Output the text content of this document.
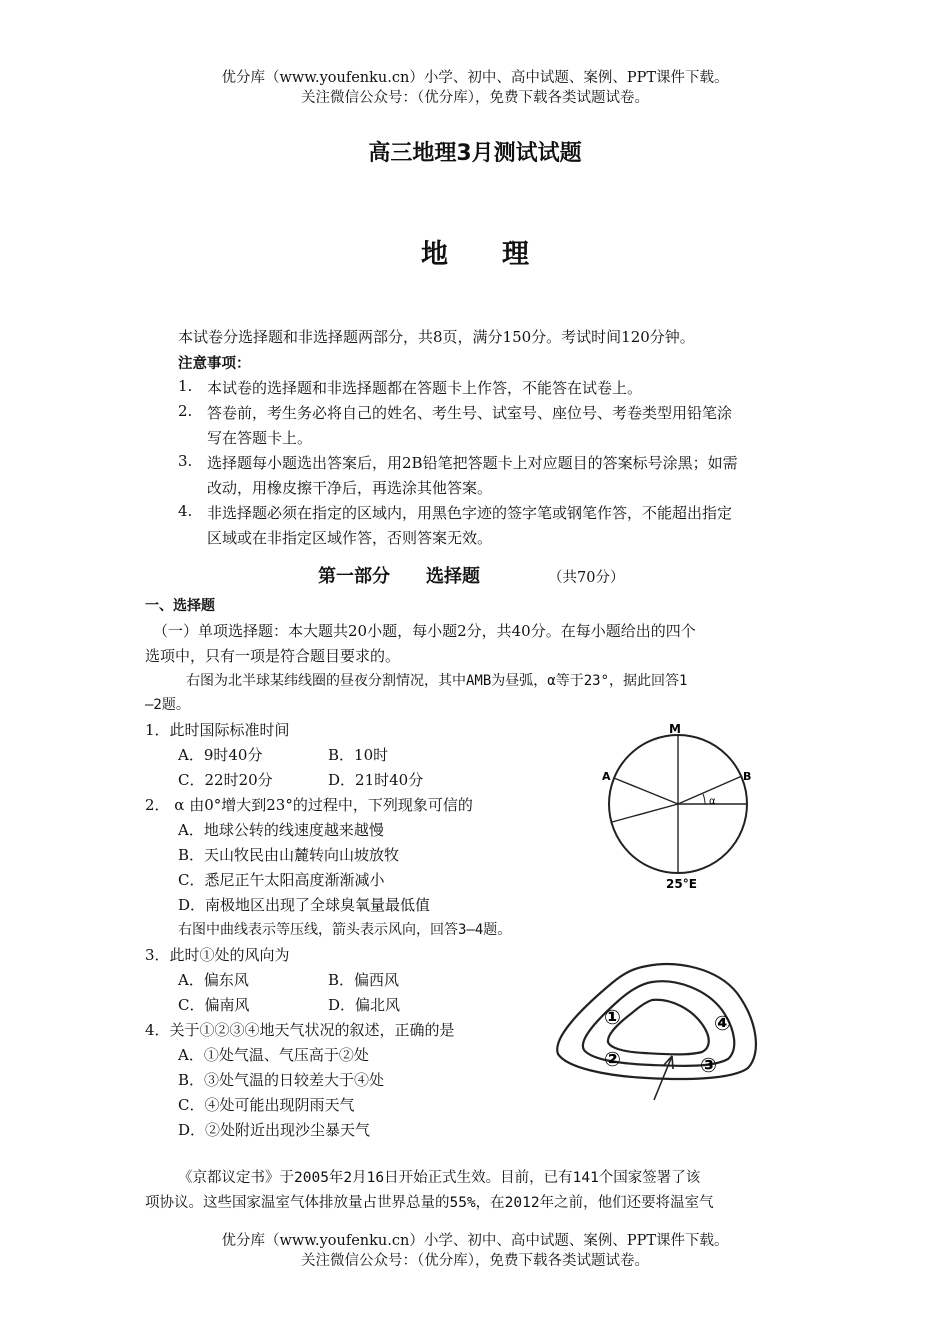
优分库（www.youfenku.cn）小学、初中、高中试题、案例、PPT课件下载。
关注微信公众号：（优分库），免费下载各类试题试卷。
高三地理3月测试试题
地　　理
本试卷分选择题和非选择题两部分，共8页，满分150分。考试时间120分钟。
注意事项：
1. 本试卷的选择题和非选择题都在答题卡上作答，不能答在试卷上。
2. 答卷前，考生务必将自己的姓名、考生号、试室号、座位号、考卷类型用铅笔涂
写在答题卡上。
3. 选择题每小题选出答案后，用2B铅笔把答题卡上对应题目的答案标号涂黑；如需
改动，用橡皮擦干净后，再选涂其他答案。
4. 非选择题必须在指定的区域内，用黑色字迹的签字笔或钢笔作答，不能超出指定
区域或在非指定区域作答，否则答案无效。
第一部分　　选择题	（共70分）
一、选择题
（一）单项选择题：本大题共20小题，每小题2分，共40分。在每小题给出的四个
选项中，只有一项是符合题目要求的。
右图为北半球某纬线圈的昼夜分割情况，其中AMB为昼弧，α等于23°，据此回答1
—2题。
1．此时国际标准时间
A．9时40分	B．10时
C．22时20分	D．21时40分
2． α 由0°增大到23°的过程中，下列现象可信的
A．地球公转的线速度越来越慢
B．天山牧民由山麓转向山坡放牧
C．悉尼正午太阳高度渐渐减小
D．南极地区出现了全球臭氧量最低值
M
A	B
α
25°E
右图中曲线表示等压线，箭头表示风向，回答3—4题。
3．此时①处的风向为
A．偏东风	B．偏西风
C．偏南风	D．偏北风
4．关于①②③④地天气状况的叙述，正确的是
A．①处气温、气压高于②处
B．③处气温的日较差大于④处
C．④处可能出现阴雨天气
D．②处附近出现沙尘暴天气
①
②	③
④
《京都议定书》于2005年2月16日开始正式生效。目前，已有141个国家签署了该
项协议。这些国家温室气体排放量占世界总量的55%，在2012年之前，他们还要将温室气
优分库（www.youfenku.cn）小学、初中、高中试题、案例、PPT课件下载。
关注微信公众号：（优分库），免费下载各类试题试卷。
